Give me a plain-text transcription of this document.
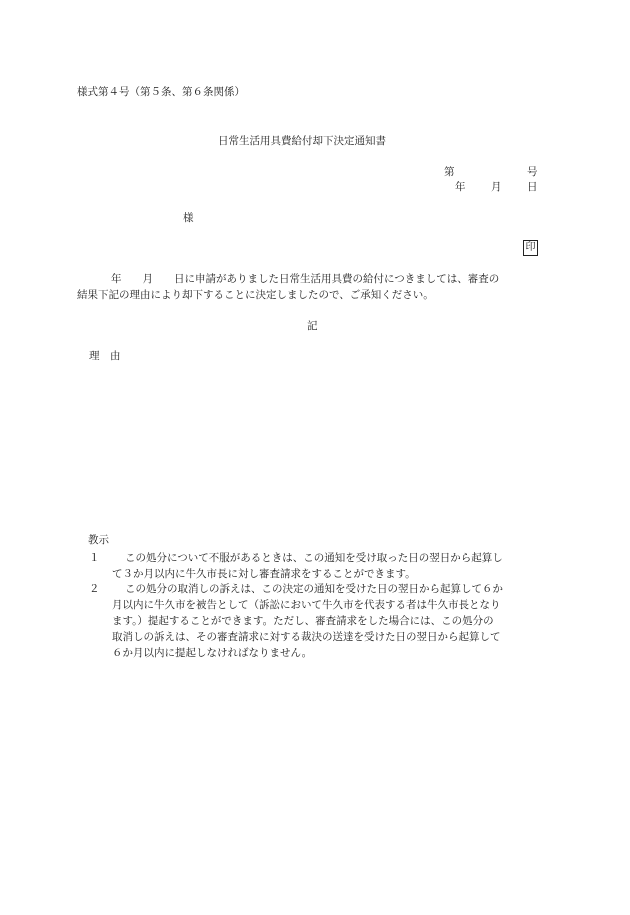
様式第４号（第５条、第６条関係）
日常生活用具費給付却下決定通知書
第	号
年 月 日
様
印
年　　月　　日に申請がありました日常生活用具費の給付につきましては、審査の
結果下記の理由により却下することに決定しましたので、ご承知ください。
記
理　由
教示
１ この処分について不服があるときは、この通知を受け取った日の翌日から起算し
て３か月以内に牛久市長に対し審査請求をすることができます。
２ この処分の取消しの訴えは、この決定の通知を受けた日の翌日から起算して６か
月以内に牛久市を被告として（訴訟において牛久市を代表する者は牛久市長となり
ます。）提起することができます。ただし、審査請求をした場合には、この処分の
取消しの訴えは、その審査請求に対する裁決の送達を受けた日の翌日から起算して
６か月以内に提起しなければなりません。
